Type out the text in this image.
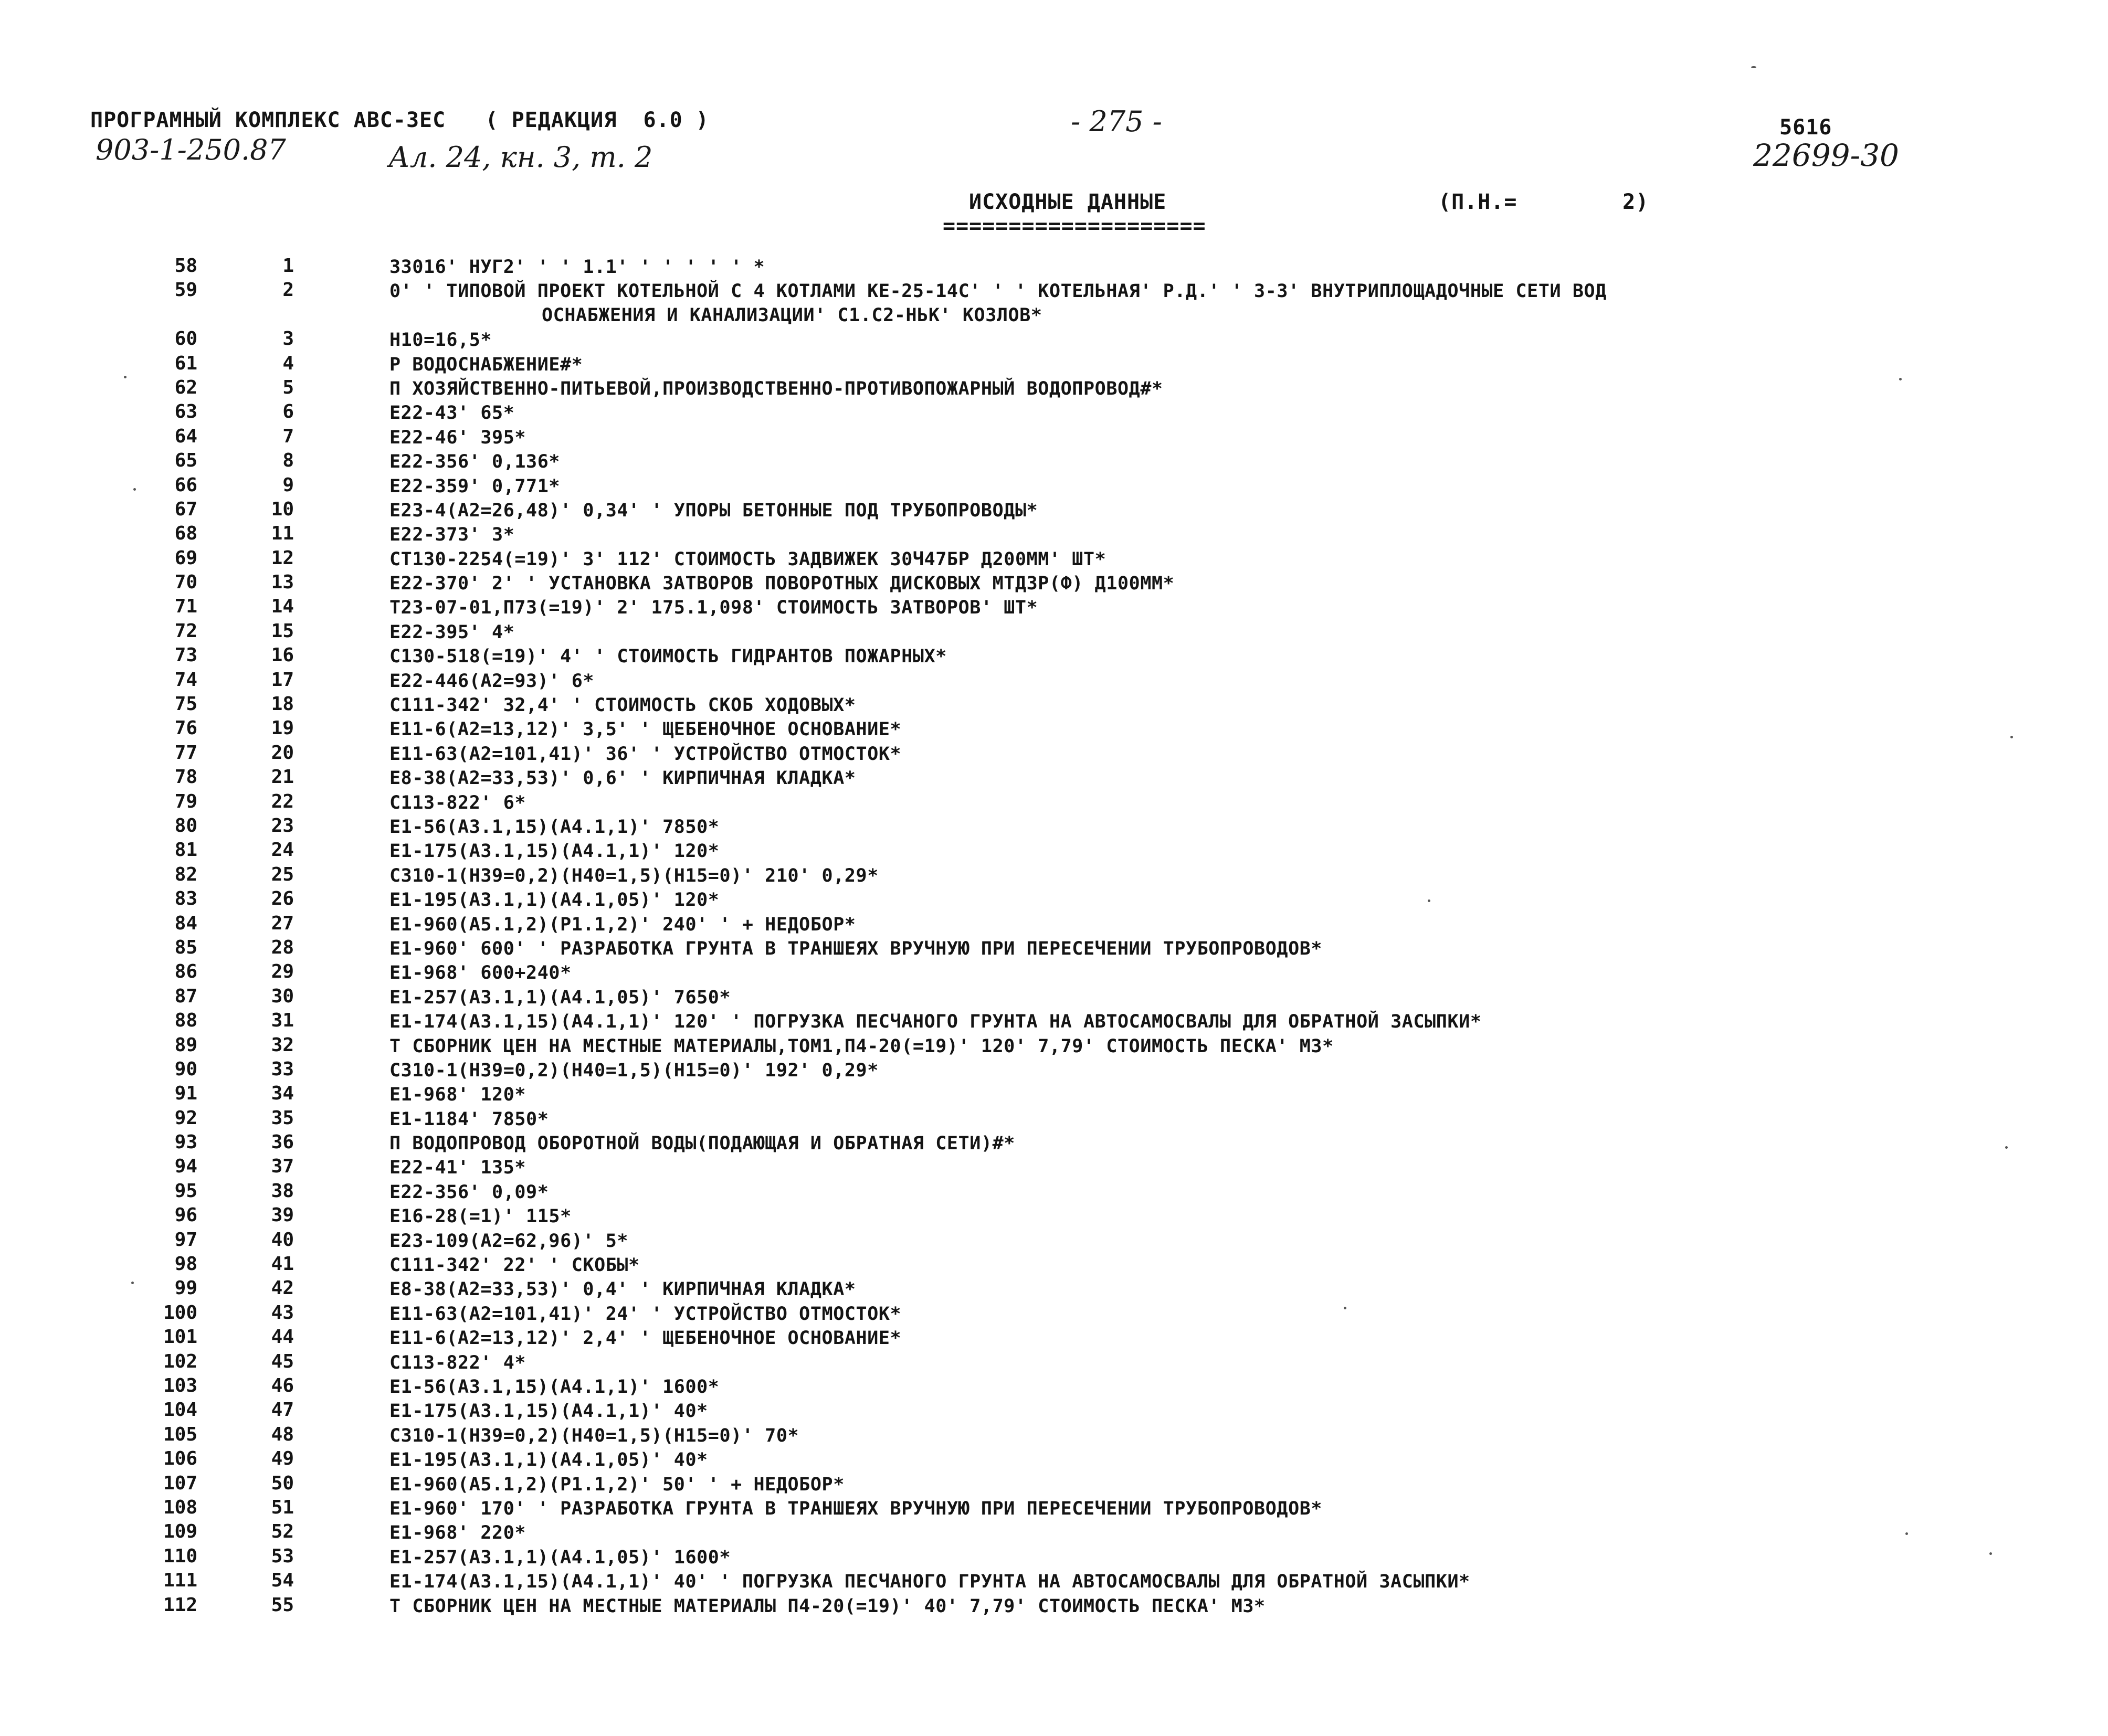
ПРОГРАМНЫЙ КОМПЛЕКС АВС-3ЕС   ( РЕДАКЦИЯ  6.0 )	- 275 -	5616
903-1-250.87	Ал. 24, кн. 3, т. 2	22699-30
ИСХОДНЫЕ ДАННЫЕ
====================
(П.Н.=        2)
58	1	33016' НУГ2' ' ' 1.1' ' ' ' ' ' *
59	2	0' ' ТИПОВОЙ ПРОЕКТ КОТЕЛЬНОЙ С 4 КОТЛАМИ КЕ-25-14С' ' ' КОТЕЛЬНАЯ' Р.Д.' ' 3-3' ВНУТРИПЛОЩАДОЧНЫЕ СЕТИ ВОД
ОСНАБЖЕНИЯ И КАНАЛИЗАЦИИ' С1.С2-НЬК' КОЗЛОВ*
60	3	Н10=16,5*
61	4	Р ВОДОСНАБЖЕНИЕ#*
62	5	П ХОЗЯЙСТВЕННО-ПИТЬЕВОЙ,ПРОИЗВОДСТВЕННО-ПРОТИВОПОЖАРНЫЙ ВОДОПРОВОД#*
63	6	Е22-43' 65*
64	7	Е22-46' 395*
65	8	Е22-356' 0,136*
66	9	Е22-359' 0,771*
67	10	Е23-4(А2=26,48)' 0,34' ' УПОРЫ БЕТОННЫЕ ПОД ТРУБОПРОВОДЫ*
68	11	Е22-373' 3*
69	12	СТ130-2254(=19)' 3' 112' СТОИМОСТЬ ЗАДВИЖЕК 30Ч47БР Д200ММ' ШТ*
70	13	Е22-370' 2' ' УСТАНОВКА ЗАТВОРОВ ПОВОРОТНЫХ ДИСКОВЫХ МТДЗР(Ф) Д100ММ*
71	14	Т23-07-01,П73(=19)' 2' 175.1,098' СТОИМОСТЬ ЗАТВОРОВ' ШТ*
72	15	Е22-395' 4*
73	16	С130-518(=19)' 4' ' СТОИМОСТЬ ГИДРАНТОВ ПОЖАРНЫХ*
74	17	Е22-446(А2=93)' 6*
75	18	С111-342' 32,4' ' СТОИМОСТЬ СКОБ ХОДОВЫХ*
76	19	Е11-6(А2=13,12)' 3,5' ' ЩЕБЕНОЧНОЕ ОСНОВАНИЕ*
77	20	Е11-63(А2=101,41)' 36' ' УСТРОЙСТВО ОТМОСТОК*
78	21	Е8-38(А2=33,53)' 0,6' ' КИРПИЧНАЯ КЛАДКА*
79	22	С113-822' 6*
80	23	Е1-56(А3.1,15)(А4.1,1)' 7850*
81	24	Е1-175(А3.1,15)(А4.1,1)' 120*
82	25	С310-1(Н39=0,2)(Н40=1,5)(Н15=0)' 210' 0,29*
83	26	Е1-195(А3.1,1)(А4.1,05)' 120*
84	27	Е1-960(А5.1,2)(Р1.1,2)' 240' ' + НЕДОБОР*
85	28	Е1-960' 600' ' РАЗРАБОТКА ГРУНТА В ТРАНШЕЯХ ВРУЧНУЮ ПРИ ПЕРЕСЕЧЕНИИ ТРУБОПРОВОДОВ*
86	29	Е1-968' 600+240*
87	30	Е1-257(А3.1,1)(А4.1,05)' 7650*
88	31	Е1-174(А3.1,15)(А4.1,1)' 120' ' ПОГРУЗКА ПЕСЧАНОГО ГРУНТА НА АВТОСАМОСВАЛЫ ДЛЯ ОБРАТНОЙ ЗАСЫПКИ*
89	32	Т СБОРНИК ЦЕН НА МЕСТНЫЕ МАТЕРИАЛЫ,ТОМ1,П4-20(=19)' 120' 7,79' СТОИМОСТЬ ПЕСКА' М3*
90	33	С310-1(Н39=0,2)(Н40=1,5)(Н15=0)' 192' 0,29*
91	34	Е1-968' 120*
92	35	Е1-1184' 7850*
93	36	П ВОДОПРОВОД ОБОРОТНОЙ ВОДЫ(ПОДАЮЩАЯ И ОБРАТНАЯ СЕТИ)#*
94	37	Е22-41' 135*
95	38	Е22-356' 0,09*
96	39	Е16-28(=1)' 115*
97	40	Е23-109(А2=62,96)' 5*
98	41	С111-342' 22' ' СКОБЫ*
99	42	Е8-38(А2=33,53)' 0,4' ' КИРПИЧНАЯ КЛАДКА*
100	43	Е11-63(А2=101,41)' 24' ' УСТРОЙСТВО ОТМОСТОК*
101	44	Е11-6(А2=13,12)' 2,4' ' ЩЕБЕНОЧНОЕ ОСНОВАНИЕ*
102	45	С113-822' 4*
103	46	Е1-56(А3.1,15)(А4.1,1)' 1600*
104	47	Е1-175(А3.1,15)(А4.1,1)' 40*
105	48	С310-1(Н39=0,2)(Н40=1,5)(Н15=0)' 70*
106	49	Е1-195(А3.1,1)(А4.1,05)' 40*
107	50	Е1-960(А5.1,2)(Р1.1,2)' 50' ' + НЕДОБОР*
108	51	Е1-960' 170' ' РАЗРАБОТКА ГРУНТА В ТРАНШЕЯХ ВРУЧНУЮ ПРИ ПЕРЕСЕЧЕНИИ ТРУБОПРОВОДОВ*
109	52	Е1-968' 220*
110	53	Е1-257(А3.1,1)(А4.1,05)' 1600*
111	54	Е1-174(А3.1,15)(А4.1,1)' 40' ' ПОГРУЗКА ПЕСЧАНОГО ГРУНТА НА АВТОСАМОСВАЛЫ ДЛЯ ОБРАТНОЙ ЗАСЫПКИ*
112	55	Т СБОРНИК ЦЕН НА МЕСТНЫЕ МАТЕРИАЛЫ П4-20(=19)' 40' 7,79' СТОИМОСТЬ ПЕСКА' М3*
